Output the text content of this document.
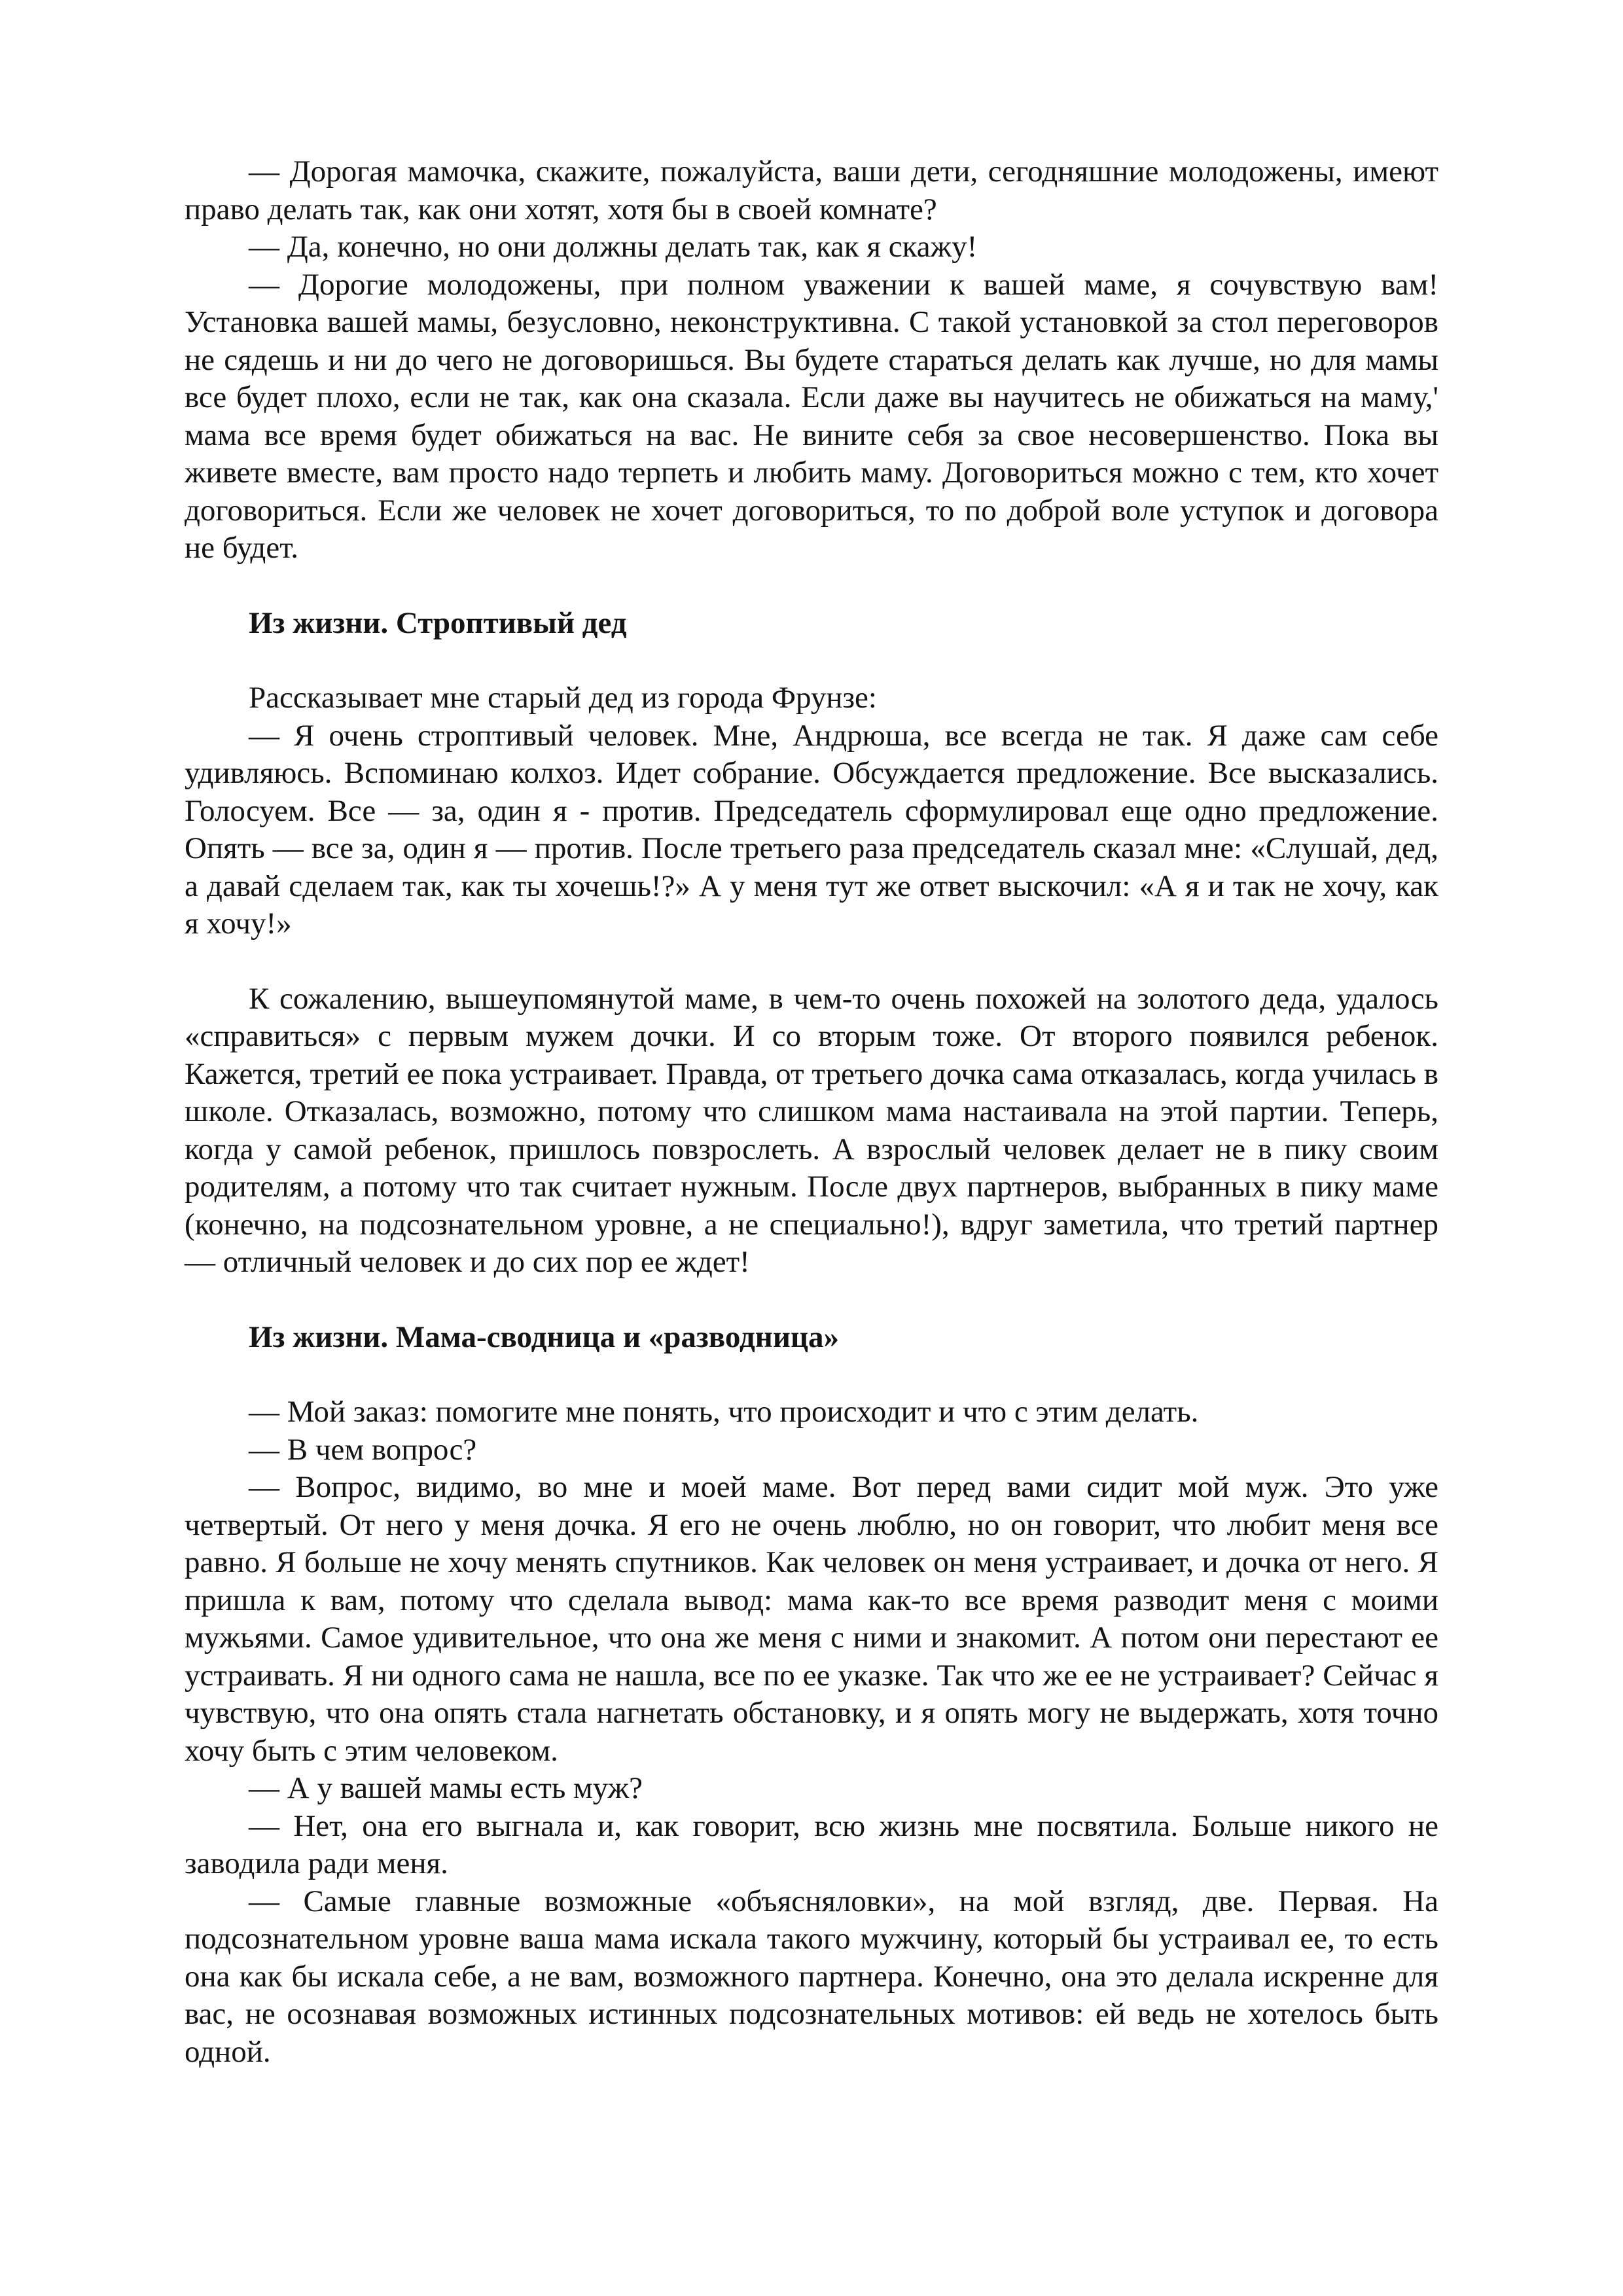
— Дорогая мамочка, скажите, пожалуйста, ваши дети, сегодняшние молодожены, имеют право делать так, как они хотят, хотя бы в своей комнате?

— Да, конечно, но они должны делать так, как я скажу!

— Дорогие молодожены, при полном уважении к вашей маме, я сочувствую вам! Установка вашей мамы, безусловно, неконструктивна. С такой установкой за стол переговоров не сядешь и ни до чего не договоришься. Вы будете стараться делать как лучше, но для мамы все будет плохо, если не так, как она сказала. Если даже вы научитесь не обижаться на маму,' мама все время будет обижаться на вас. Не вините себя за свое несовершенство. Пока вы живете вместе, вам просто надо терпеть и любить маму. Договориться можно с тем, кто хочет договориться. Если же человек не хочет договориться, то по доброй воле уступок и договора не будет.

Из жизни. Строптивый дед

Рассказывает мне старый дед из города Фрунзе:

— Я очень строптивый человек. Мне, Андрюша, все всегда не так. Я даже сам себе удивляюсь. Вспоминаю колхоз. Идет собрание. Обсуждается предложение. Все высказались. Голосуем. Все — за, один я - против. Председатель сформулировал еще одно предложение. Опять — все за, один я — против. После третьего раза председатель сказал мне: «Слушай, дед, а давай сделаем так, как ты хочешь!?» А у меня тут же ответ выскочил: «А я и так не хочу, как я хочу!»

К сожалению, вышеупомянутой маме, в чем-то очень похожей на золотого деда, удалось «справиться» с первым мужем дочки. И со вторым тоже. От второго появился ребенок. Кажется, третий ее пока устраивает. Правда, от третьего дочка сама отказалась, когда училась в школе. Отказалась, возможно, потому что слишком мама настаивала на этой партии. Теперь, когда у самой ребенок, пришлось повзрослеть. А взрослый человек делает не в пику своим родителям, а потому что так считает нужным. После двух партнеров, выбранных в пику маме (конечно, на подсознательном уровне, а не специально!), вдруг заметила, что третий партнер — отличный человек и до сих пор ее ждет!

Из жизни. Мама-сводница и «разводница»

— Мой заказ: помогите мне понять, что происходит и что с этим делать.

— В чем вопрос?

— Вопрос, видимо, во мне и моей маме. Вот перед вами сидит мой муж. Это уже четвертый. От него у меня дочка. Я его не очень люблю, но он говорит, что любит меня все равно. Я больше не хочу менять спутников. Как человек он меня устраивает, и дочка от него. Я пришла к вам, потому что сделала вывод: мама как-то все время разводит меня с моими мужьями. Самое удивительное, что она же меня с ними и знакомит. А потом они перестают ее устраивать. Я ни одного сама не нашла, все по ее указке. Так что же ее не устраивает? Сейчас я чувствую, что она опять стала нагнетать обстановку, и я опять могу не выдержать, хотя точно хочу быть с этим человеком.

— А у вашей мамы есть муж?

— Нет, она его выгнала и, как говорит, всю жизнь мне посвятила. Больше никого не заводила ради меня.

— Самые главные возможные «объясняловки», на мой взгляд, две. Первая. На подсознательном уровне ваша мама искала такого мужчину, который бы устраивал ее, то есть она как бы искала себе, а не вам, возможного партнера. Конечно, она это делала искренне для вас, не осознавая возможных истинных подсознательных мотивов: ей ведь не хотелось быть одной.
